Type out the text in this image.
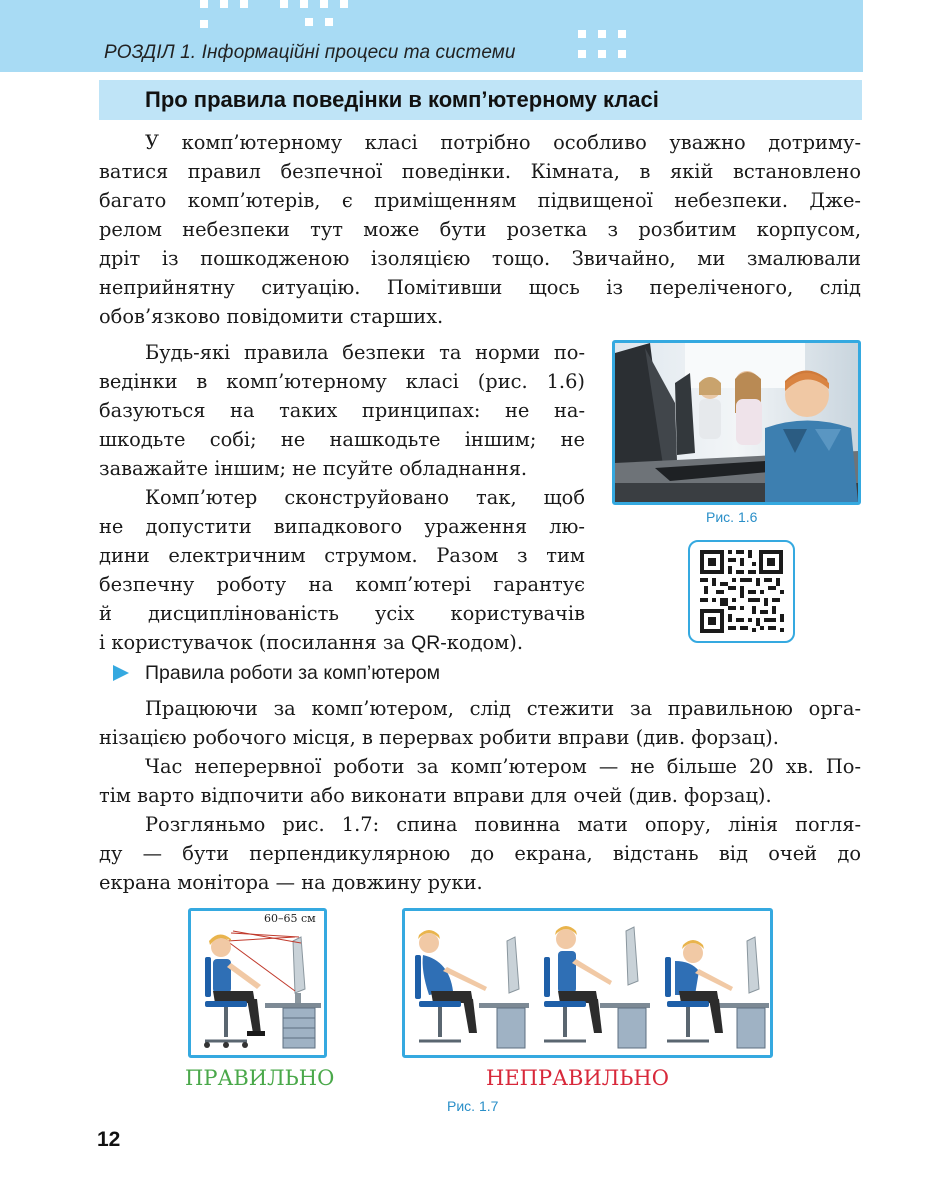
РОЗДІЛ 1. Інформаційні процеси та системи
Про правила поведінки в комп’ютерному класі
У комп’ютерному класі потрібно особливо уважно дотриму-
ватися правил безпечної поведінки. Кімната, в якій встановлено
багато комп’ютерів, є приміщенням підвищеної небезпеки. Дже-
релом небезпеки тут може бути розетка з розбитим корпусом,
дріт із пошкодженою ізоляцією тощо. Звичайно, ми змалювали
неприйнятну ситуацію. Помітивши щось із переліченого, слід
обов’язково повідомити старших.
Будь-які правила безпеки та норми по-
ведінки в комп’ютерному класі (рис. 1.6)
базуються на таких принципах: не на-
шкодьте собі; не нашкодьте іншим; не
заважайте іншим; не псуйте обладнання.
Комп’ютер сконструйовано так, щоб
не допустити випадкового ураження лю-
дини електричним струмом. Разом з тим
безпечну роботу на комп’ютері гарантує
й дисциплінованість усіх користувачів
і користувачок (посилання за QR-кодом).
Рис. 1.6
Правила роботи за комп’ютером
Працюючи за комп’ютером, слід стежити за правильною орга-
нізацією робочого місця, в перервах робити вправи (див. форзац).
Час неперервної роботи за комп’ютером — не більше 20 хв. По-
тім варто відпочити або виконати вправи для очей (див. форзац).
Розгляньмо рис. 1.7: спина повинна мати опору, лінія погля-
ду — бути перпендикулярною до екрана, відстань від очей до
екрана монітора — на довжину руки.
60–65 см
ПРАВИЛЬНО	НЕПРАВИЛЬНО
Рис. 1.7
12
